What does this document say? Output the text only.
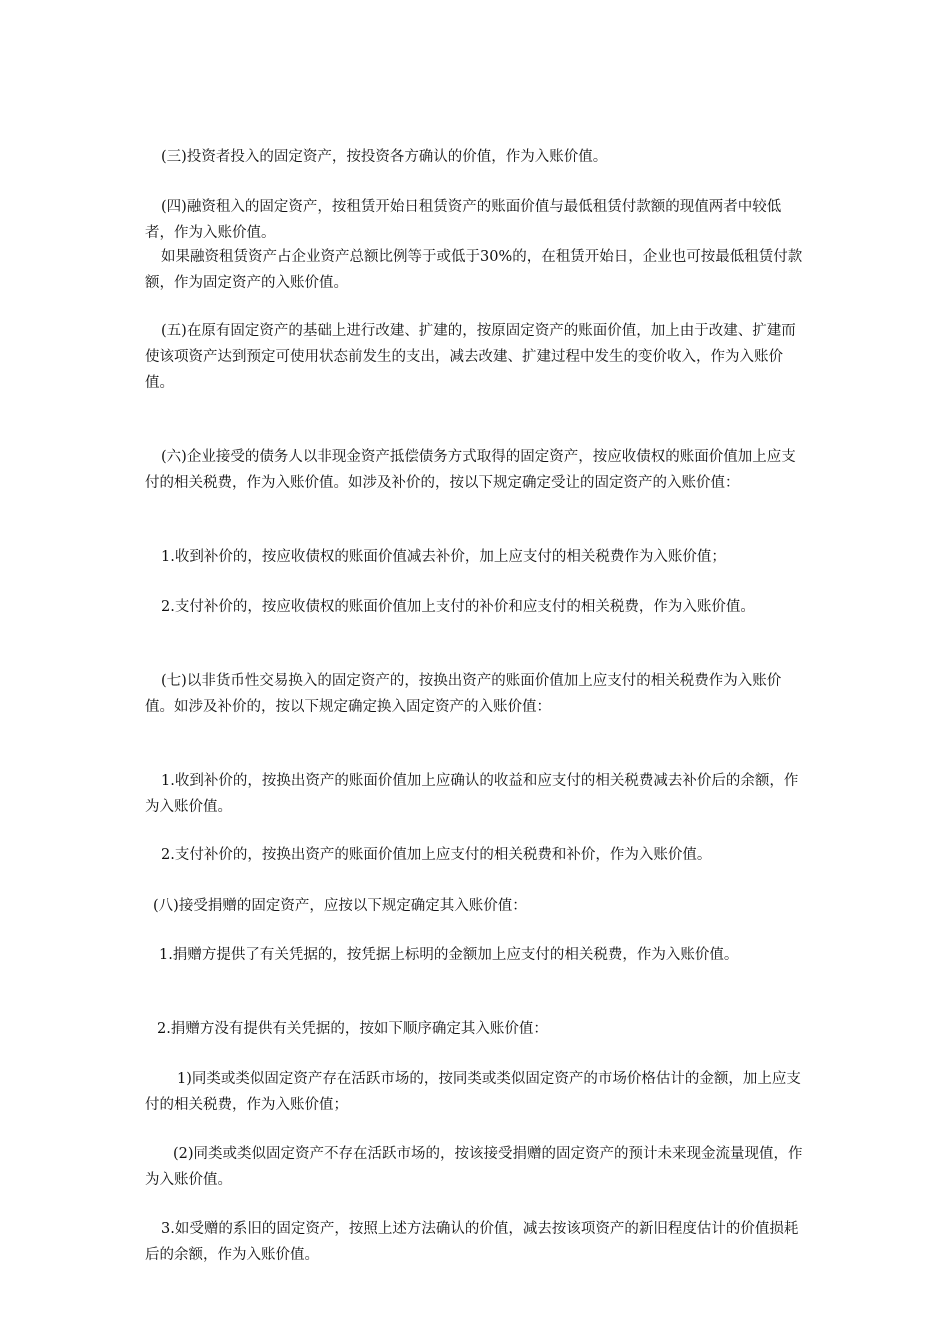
(三)投资者投入的固定资产，按投资各方确认的价值，作为入账价值。

(四)融资租入的固定资产，按租赁开始日租赁资产的账面价值与最低租赁付款额的现值两者中较低者，作为入账价值。

如果融资租赁资产占企业资产总额比例等于或低于30%的，在租赁开始日，企业也可按最低租赁付款额，作为固定资产的入账价值。

(五)在原有固定资产的基础上进行改建、扩建的，按原固定资产的账面价值，加上由于改建、扩建而使该项资产达到预定可使用状态前发生的支出，减去改建、扩建过程中发生的变价收入，作为入账价值。

(六)企业接受的债务人以非现金资产抵偿债务方式取得的固定资产，按应收债权的账面价值加上应支付的相关税费，作为入账价值。如涉及补价的，按以下规定确定受让的固定资产的入账价值：

1.收到补价的，按应收债权的账面价值减去补价，加上应支付的相关税费作为入账价值；

2.支付补价的，按应收债权的账面价值加上支付的补价和应支付的相关税费，作为入账价值。

(七)以非货币性交易换入的固定资产的，按换出资产的账面价值加上应支付的相关税费作为入账价值。如涉及补价的，按以下规定确定换入固定资产的入账价值：

1.收到补价的，按换出资产的账面价值加上应确认的收益和应支付的相关税费减去补价后的余额，作为入账价值。

2.支付补价的，按换出资产的账面价值加上应支付的相关税费和补价，作为入账价值。

(八)接受捐赠的固定资产，应按以下规定确定其入账价值：

1.捐赠方提供了有关凭据的，按凭据上标明的金额加上应支付的相关税费，作为入账价值。

2.捐赠方没有提供有关凭据的，按如下顺序确定其入账价值：

1)同类或类似固定资产存在活跃市场的，按同类或类似固定资产的市场价格估计的金额，加上应支付的相关税费，作为入账价值；

(2)同类或类似固定资产不存在活跃市场的，按该接受捐赠的固定资产的预计未来现金流量现值，作为入账价值。

3.如受赠的系旧的固定资产，按照上述方法确认的价值，减去按该项资产的新旧程度估计的价值损耗后的余额，作为入账价值。
